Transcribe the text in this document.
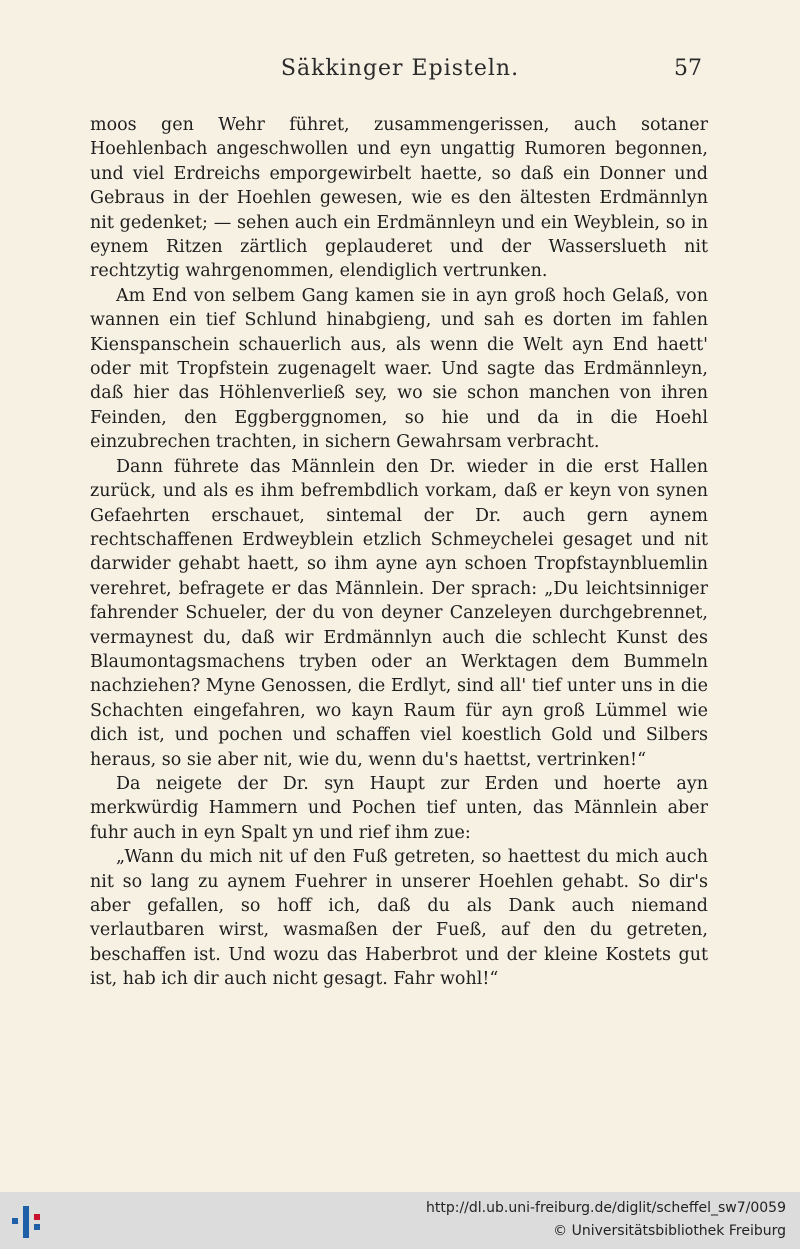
Säkkinger Episteln.	57

moos gen Wehr führet, zusammengerissen, auch sotaner Hoehlenbach angeschwollen und eyn ungattig Rumoren begonnen, und viel Erdreichs emporgewirbelt haette, so daß ein Donner und Gebraus in der Hoehlen gewesen, wie es den ältesten Erdmännlyn nit gedenket; — sehen auch ein Erdmännleyn und ein Weyblein, so in eynem Ritzen zärtlich geplauderet und der Wasserslueth nit rechtzytig wahrgenommen, elendiglich vertrunken.

Am End von selbem Gang kamen sie in ayn groß hoch Gelaß, von wannen ein tief Schlund hinabgieng, und sah es dorten im fahlen Kienspanschein schauerlich aus, als wenn die Welt ayn End haett' oder mit Tropfstein zugenagelt waer. Und sagte das Erdmännleyn, daß hier das Höhlenverließ sey, wo sie schon manchen von ihren Feinden, den Eggberggnomen, so hie und da in die Hoehl einzubrechen trachten, in sichern Gewahrsam verbracht.

Dann führete das Männlein den Dr. wieder in die erst Hallen zurück, und als es ihm befrembdlich vorkam, daß er keyn von synen Gefaehrten erschauet, sintemal der Dr. auch gern aynem rechtschaffenen Erdweyblein etzlich Schmeychelei gesaget und nit darwider gehabt haett, so ihm ayne ayn schoen Tropfstaynbluemlin verehret, befragete er das Männlein. Der sprach: „Du leichtsinniger fahrender Schueler, der du von deyner Canzeleyen durchgebrennet, vermaynest du, daß wir Erdmännlyn auch die schlecht Kunst des Blaumontagsmachens tryben oder an Werktagen dem Bummeln nachziehen? Myne Genossen, die Erdlyt, sind all' tief unter uns in die Schachten eingefahren, wo kayn Raum für ayn groß Lümmel wie dich ist, und pochen und schaffen viel koestlich Gold und Silbers heraus, so sie aber nit, wie du, wenn du's haettst, vertrinken!“

Da neigete der Dr. syn Haupt zur Erden und hoerte ayn merkwürdig Hammern und Pochen tief unten, das Männlein aber fuhr auch in eyn Spalt yn und rief ihm zue:

„Wann du mich nit uf den Fuß getreten, so haettest du mich auch nit so lang zu aynem Fuehrer in unserer Hoehlen gehabt. So dir's aber gefallen, so hoff ich, daß du als Dank auch niemand verlautbaren wirst, wasmaßen der Fueß, auf den du getreten, beschaffen ist. Und wozu das Haberbrot und der kleine Kostets gut ist, hab ich dir auch nicht gesagt. Fahr wohl!“

http://dl.ub.uni-freiburg.de/diglit/scheffel_sw7/0059
© Universitätsbibliothek Freiburg
